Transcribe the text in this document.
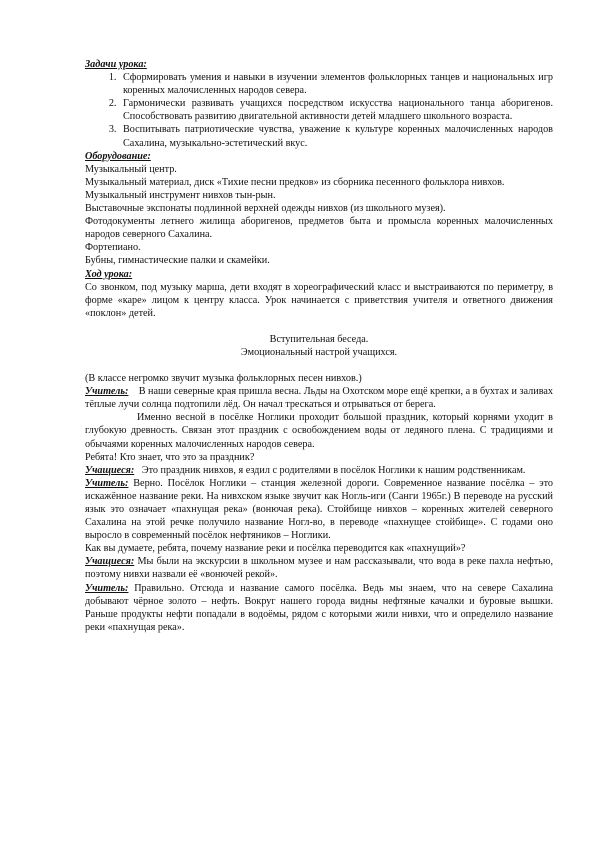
Задачи урока:
1. Сформировать умения и навыки в изучении элементов фольклорных танцев и национальных игр коренных малочисленных народов севера.
2. Гармонически развивать учащихся посредством искусства национального танца аборигенов. Способствовать развитию двигательной активности детей младшего школьного возраста.
3. Воспитывать патриотические чувства, уважение к культуре коренных малочисленных народов Сахалина, музыкально-эстетический вкус.
Оборудование:

Музыкальный центр.

Музыкальный материал, диск «Тихие песни предков» из сборника песенного фольклора нивхов.

Музыкальный инструмент нивхов тын-рын.

Выставочные экспонаты подлинной верхней одежды нивхов (из школьного музея).

Фотодокументы летнего жилища аборигенов, предметов быта и промысла коренных малочисленных народов северного Сахалина.

Фортепиано.

Бубны, гимнастические палки и скамейки.

Ход урока:

Со звонком, под музыку марша, дети входят в хореографический класс и выстраиваются по периметру, в форме «каре» лицом к центру класса. Урок начинается с приветствия учителя и ответного движения «поклон» детей.

Вступительная беседа.

Эмоциональный настрой учащихся.

(В классе негромко звучит музыка фольклорных песен нивхов.)

Учитель: В наши северные края пришла весна. Льды на Охотском море ещё крепки, а в бухтах и заливах тёплые лучи солнца подтопили лёд. Он начал трескаться и отрываться от берега.

Именно весной в посёлке Ноглики проходит большой праздник, который корнями уходит в глубокую древность. Связан этот праздник с освобождением воды от ледяного плена. С традициями и обычаями коренных малочисленных народов севера.

Ребята! Кто знает, что это за праздник?

Учащиеся: Это праздник нивхов, я ездил с родителями в посёлок Ноглики к нашим родственникам.

Учитель: Верно. Посёлок Ноглики – станция железной дороги. Современное название посёлка – это искажённое название реки. На нивхском языке звучит как Ногль-иги (Санги 1965г.) В переводе на русский язык это означает «пахнущая река» (вонючая река). Стойбище нивхов – коренных жителей северного Сахалина на этой речке получило название Ногл-во, в переводе «пахнущее стойбище». С годами оно выросло в современный посёлок нефтяников – Ноглики.

Как вы думаете, ребята, почему название реки и посёлка переводится как «пахнущий»?

Учащиеся: Мы были на экскурсии в школьном музее и нам рассказывали, что вода в реке пахла нефтью, поэтому нивхи назвали её «вонючей рекой».

Учитель: Правильно. Отсюда и название самого посёлка. Ведь мы знаем, что на севере Сахалина добывают чёрное золото – нефть. Вокруг нашего города видны нефтяные качалки и буровые вышки. Раньше продукты нефти попадали в водоёмы, рядом с которыми жили нивхи, что и определило название реки «пахнущая река».
